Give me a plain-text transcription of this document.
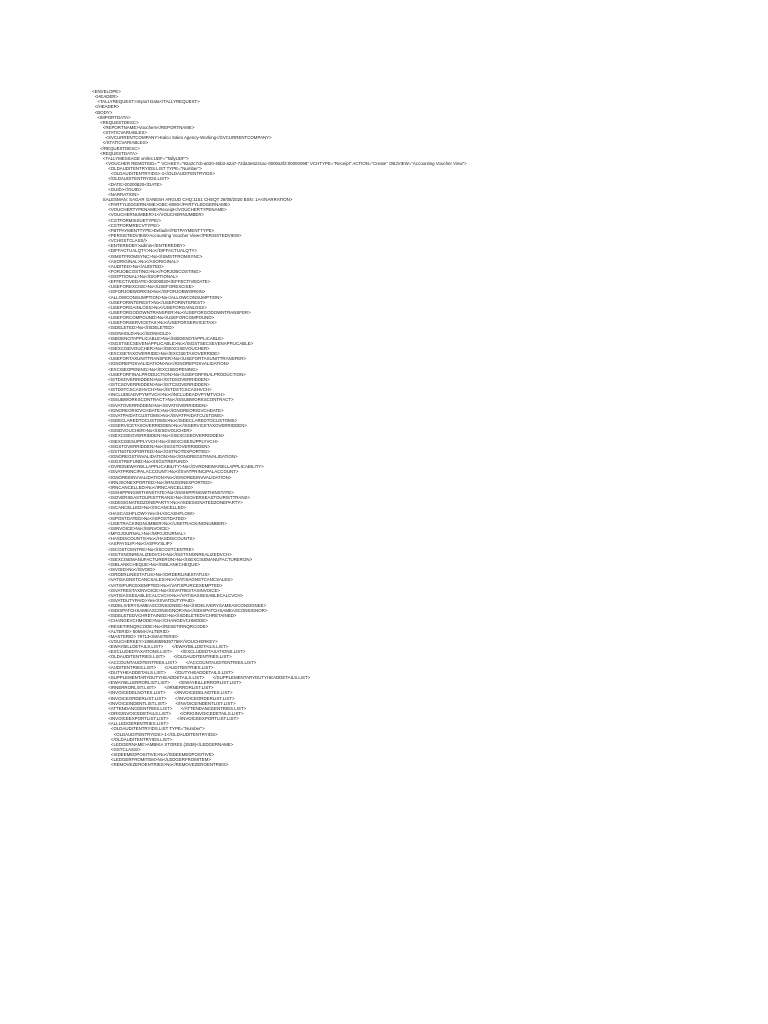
<ENVELOPE>
<HEADER>
<TALLYREQUEST>Import Data</TALLYREQUEST>
</HEADER>
<BODY>
<IMPORTDATA>
<REQUESTDESC>
<REPORTNAME>Vouchers</REPORTNAME>
<STATICVARIABLES>
<SVCURRENTCOMPANY>Kalco Sales Agency-Working</SVCURRENTCOMPANY>
</STATICVARIABLES>
</REQUESTDESC>
<REQUESTDATA>
<TALLYMESSAGE xmlns:UDF="TallyUDF">
<VOUCHER REMOTEID="" VCHKEY="92a2c7cb-a020-46b3-a2a7-72da3e6221ac-0000a3f2:00000098" VCHTYPE="Receipt" ACTION="Create" OBJVIEW="Accounting Voucher View">
<OLDAUDITENTRYIDS.LIST TYPE="Number">
<OLDAUDITENTRYIDS>-1</OLDAUDITENTRYIDS>
</OLDAUDITENTRYIDS.LIST>
<DATE>20200820</DATE>
<GUID></GUID>
<NARRATION>
SALESMAN: SAGAR GANESH ARGUD CHQ:1151 CHEQT 28/08/2020 BSN: 1A</NARRATION>
<PARTYLEDGERNAME>OBC-8080</PARTYLEDGERNAME>
<VOUCHERTYPENAME>Receipt</VOUCHERTYPENAME>
<VOUCHERNUMBER>1</VOUCHERNUMBER>
<CSTFORMISSUETYPE/>
<CSTFORMRECVTYPE/>
<FBTPAYMENTTYPE>Default</FBTPAYMENTTYPE>
<PERSISTEDVIEW>Accounting Voucher View</PERSISTEDVIEW>
<VCHGSTCLASS/>
<ENTEREDBY>admin</ENTEREDBY>
<DIFFACTUALQTY>No</DIFFACTUALQTY>
<ISMSTFROMSYNC>No</ISMSTFROMSYNC>
<ASORIGINAL>No</ASORIGINAL>
<AUDITED>No</AUDITED>
<FORJOBCOSTING>No</FORJOBCOSTING>
<ISOPTIONAL>No</ISOPTIONAL>
<EFFECTIVEDATE>20200820</EFFECTIVEDATE>
<USEFOREXCISE>No</USEFOREXCISE>
<ISFORJOBWORKIN>No</ISFORJOBWORKIN>
<ALLOWCONSUMPTION>No</ALLOWCONSUMPTION>
<USEFORINTEREST>No</USEFORINTEREST>
<USEFORGAINLOSS>No</USEFORGAINLOSS>
<USEFORGODOWNTRANSFER>No</USEFORGODOWNTRANSFER>
<USEFORCOMPOUND>No</USEFORCOMPOUND>
<USEFORSERVICETAX>No</USEFORSERVICETAX>
<ISDELETED>No</ISDELETED>
<ISONHOLD>No</ISONHOLD>
<ISBOENOTAPPLICABLE>No</ISBOENOTAPPLICABLE>
<ISGSTSECSEVENAPPLICABLE>No</ISGSTSECSEVENAPPLICABLE>
<ISEXCISEVOUCHER>No</ISEXCISEVOUCHER>
<EXCISETAXOVERRIDE>No</EXCISETAXOVERRIDE>
<USEFORTAXUNITTRANSFER>No</USEFORTAXUNITTRANSFER>
<IGNOREPOSVALIDATION>No</IGNOREPOSVALIDATION>
<EXCISEOPENING>No</EXCISEOPENING>
<USEFORFINALPRODUCTION>No</USEFORFINALPRODUCTION>
<ISTDSOVERRIDDEN>No</ISTDSOVERRIDDEN>
<ISTCSOVERRIDDEN>No</ISTCSOVERRIDDEN>
<ISTDSTCSCASHVCH>No</ISTDSTCSCASHVCH>
<INCLUDEADVPYMTVCH>No</INCLUDEADVPYMTVCH>
<ISSUBWORKSCONTRACT>No</ISSUBWORKSCONTRACT>
<ISVATOVERRIDDEN>No</ISVATOVERRIDDEN>
<IGNOREORIGVCHDATE>No</IGNOREORIGVCHDATE>
<ISVATPAIDATCUSTOMS>No</ISVATPAIDATCUSTOMS>
<ISDECLAREDTOCUSTOMS>No</ISDECLAREDTOCUSTOMS>
<ISSERVICETAXOVERRIDDEN>No</ISSERVICETAXOVERRIDDEN>
<ISISDVOUCHER>No</ISISDVOUCHER>
<ISEXCISEOVERRIDDEN>No</ISEXCISEOVERRIDDEN>
<ISEXCISESUPPLYVCH>No</ISEXCISESUPPLYVCH>
<ISGSTOVERRIDDEN>No</ISGSTOVERRIDDEN>
<GSTNOTEXPORTED>No</GSTNOTEXPORTED>
<IGNOREGSTINVALIDATION>No</IGNOREGSTINVALIDATION>
<ISGSTREFUND>No</ISGSTREFUND>
<OVRDNEWAYBILLAPPLICABILITY>No</OVRDNEWAYBILLAPPLICABILITY>
<ISVATPRINCIPALACCOUNT>No</ISVATPRINCIPALACCOUNT>
<IGNOREEINVVALIDATION>No</IGNOREEINVVALIDATION>
<IRNJSONEXPORTED>No</IRNJSONEXPORTED>
<IRNCANCELLED>No</IRNCANCELLED>
<ISSHIPPINGWITHINSTATE>No</ISSHIPPINGWITHINSTATE>
<ISOVERSEASTOURISTTRANS>No</ISOVERSEASTOURISTTRANS>
<ISDESIGNATEDZONEPARTY>No</ISDESIGNATEDZONEPARTY>
<ISCANCELLED>No</ISCANCELLED>
<HASCASHFLOW>Yes</HASCASHFLOW>
<ISPOSTDATED>No</ISPOSTDATED>
<USETRACKINGNUMBER>No</USETRACKINGNUMBER>
<ISINVOICE>No</ISINVOICE>
<MFGJOURNAL>No</MFGJOURNAL>
<HASDISCOUNTS>No</HASDISCOUNTS>
<ASPAYSLIP>No</ASPAYSLIP>
<ISCOSTCENTRE>No</ISCOSTCENTRE>
<ISSTXNONREALIZEDVCH>No</ISSTXNONREALIZEDVCH>
<ISEXCISEMANUFACTURERON>No</ISEXCISEMANUFACTURERON>
<ISBLANKCHEQUE>No</ISBLANKCHEQUE>
<ISVOID>No</ISVOID>
<ORDERLINESTATUS>No</ORDERLINESTATUS>
<VATISAGNSTCANCSALES>No</VATISAGNSTCANCSALES>
<VATISPURCEXEMPTED>No</VATISPURCEXEMPTED>
<ISVATRESTAXINVOICE>No</ISVATRESTAXINVOICE>
<VATISASSESABLECALCVCH>No</VATISASSESABLECALCVCH>
<ISVATDUTYPAID>Yes</ISVATDUTYPAID>
<ISDELIVERYSAMEASCONSIGNEE>No</ISDELIVERYSAMEASCONSIGNEE>
<ISDISPATCHSAMEASCONSIGNOR>No</ISDISPATCHSAMEASCONSIGNOR>
<ISDELETEDVCHRETAINED>No</ISDELETEDVCHRETAINED>
<CHANGEVCHMODE>No</CHANGEVCHMODE>
<RESETIRNQRCODE>No</RESETIRNQRCODE>
<ALTERID> 80694</ALTERID>
<MASTERID> 79713</MASTERID>
<VOUCHERKEY>188648595357768</VOUCHERKEY>
<EWAYBILLDETAILS.LIST>       </EWAYBILLDETAILS.LIST>
<EXCLUDEDTAXATIONS.LIST>       </EXCLUDEDTAXATIONS.LIST>
<OLDAUDITENTRIES.LIST>       </OLDAUDITENTRIES.LIST>
<ACCOUNTAUDITENTRIES.LIST>       </ACCOUNTAUDITENTRIES.LIST>
<AUDITENTRIES.LIST>       </AUDITENTRIES.LIST>
<DUTYHEADDETAILS.LIST>       </DUTYHEADDETAILS.LIST>
<SUPPLEMENTARYDUTYHEADDETAILS.LIST>       </SUPPLEMENTARYDUTYHEADDETAILS.LIST>
<EWAYBILLERRORLIST.LIST>       </EWAYBILLERRORLIST.LIST>
<IRNERRORLIST.LIST>       </IRNERRORLIST.LIST>
<INVOICEDELNOTES.LIST>       </INVOICEDELNOTES.LIST>
<INVOICEORDERLIST.LIST>       </INVOICEORDERLIST.LIST>
<INVOICEINDENTLIST.LIST>       </INVOICEINDENTLIST.LIST>
<ATTENDANCEENTRIES.LIST>       </ATTENDANCEENTRIES.LIST>
<ORIGINVOICEDETAILS.LIST>       </ORIGINVOICEDETAILS.LIST>
<INVOICEEXPORTLIST.LIST>       </INVOICEEXPORTLIST.LIST>
<ALLLEDGERENTRIES.LIST>
<OLDAUDITENTRYIDS.LIST TYPE="Number">
<OLDAUDITENTRYIDS>-1</OLDAUDITENTRYIDS>
</OLDAUDITENTRYIDS.LIST>
<LEDGERNAME>AMBIKA STORES (2538)</LEDGERNAME>
<GSTCLASS/>
<ISDEEMEDPOSITIVE>No</ISDEEMEDPOSITIVE>
<LEDGERFROMITEM>No</LEDGERFROMITEM>
<REMOVEZEROENTRIES>No</REMOVEZEROENTRIES>
